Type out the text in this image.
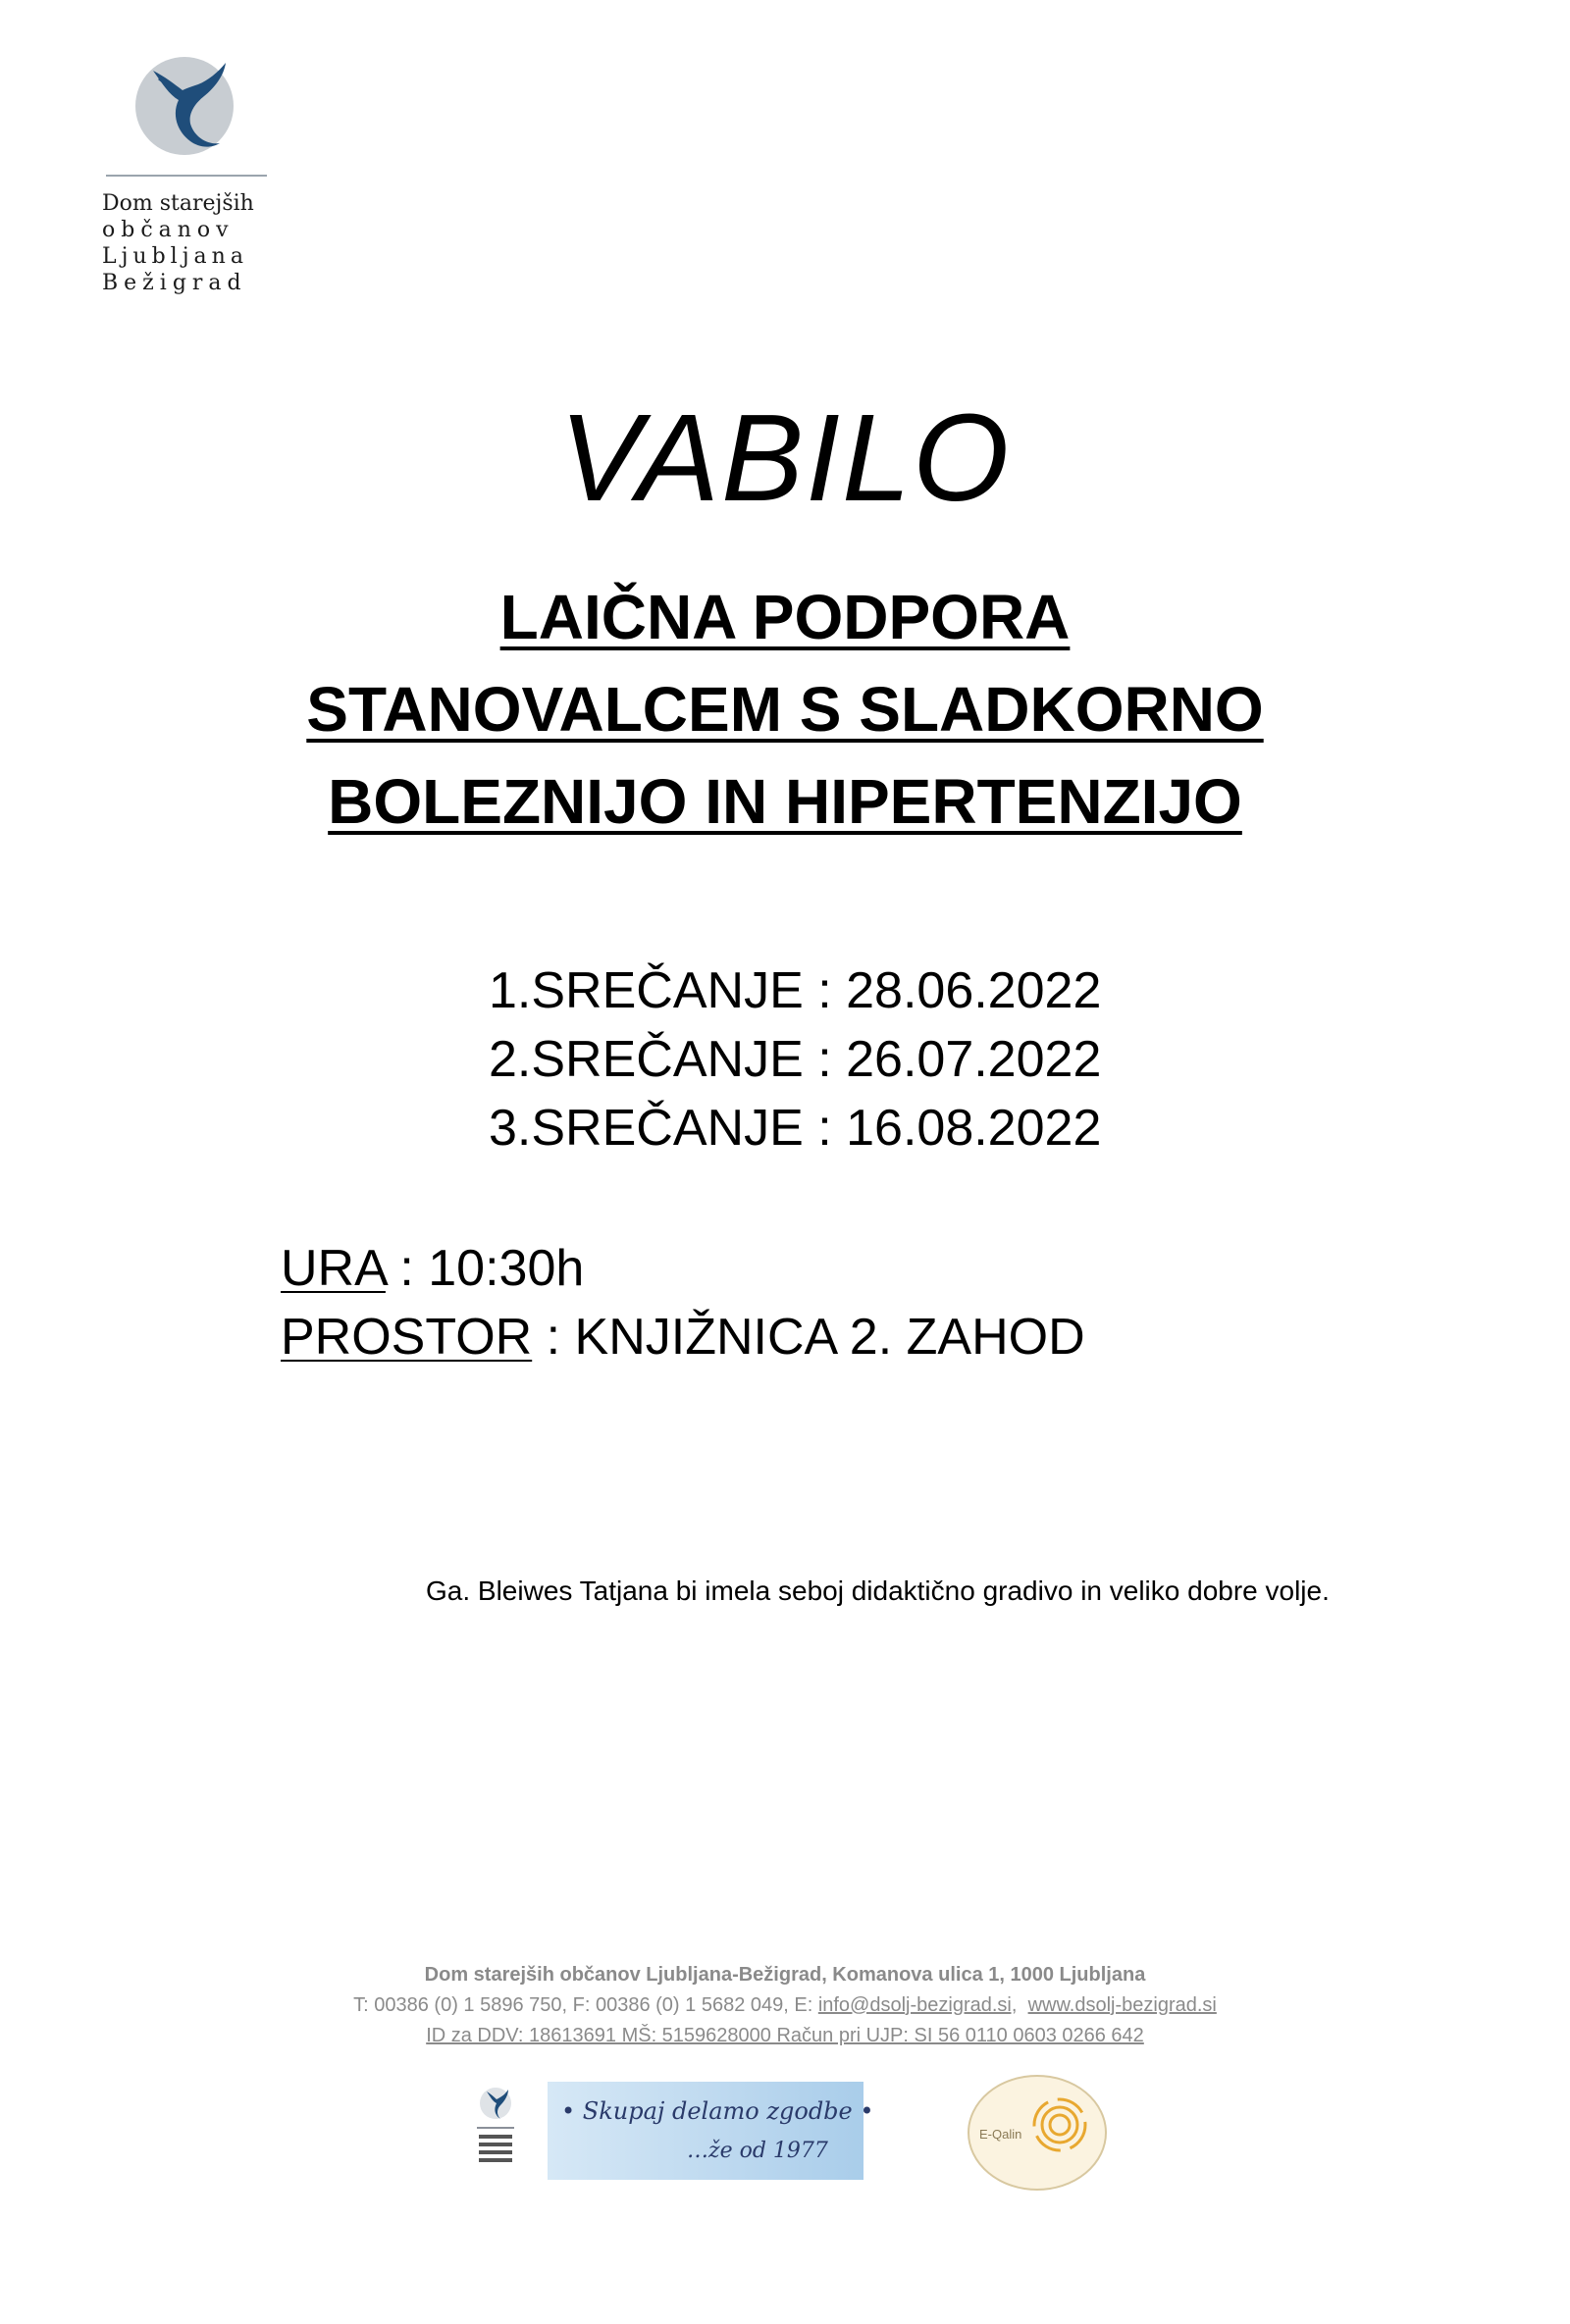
Dom starejših
občanov
Ljubljana
Bežigrad
VABILO
LAIČNA PODPORA
STANOVALCEM S SLADKORNO
BOLEZNIJO IN HIPERTENZIJO
1.SREČANJE : 28.06.2022
2.SREČANJE : 26.07.2022
3.SREČANJE : 16.08.2022
URA : 10:30h
PROSTOR : KNJIŽNICA 2. ZAHOD
Ga. Bleiwes Tatjana bi imela seboj didaktično gradivo in veliko dobre volje.
Dom starejših občanov Ljubljana-Bežigrad, Komanova ulica 1, 1000 Ljubljana
T: 00386 (0) 1 5896 750, F: 00386 (0) 1 5682 049, E: info@dsolj-bezigrad.si, www.dsolj-bezigrad.si
ID za DDV: 18613691 MŠ: 5159628000 Račun pri UJP: SI 56 0110 0603 0266 642
• Skupaj delamo zgodbe •
…že od 1977
E-Qalin
